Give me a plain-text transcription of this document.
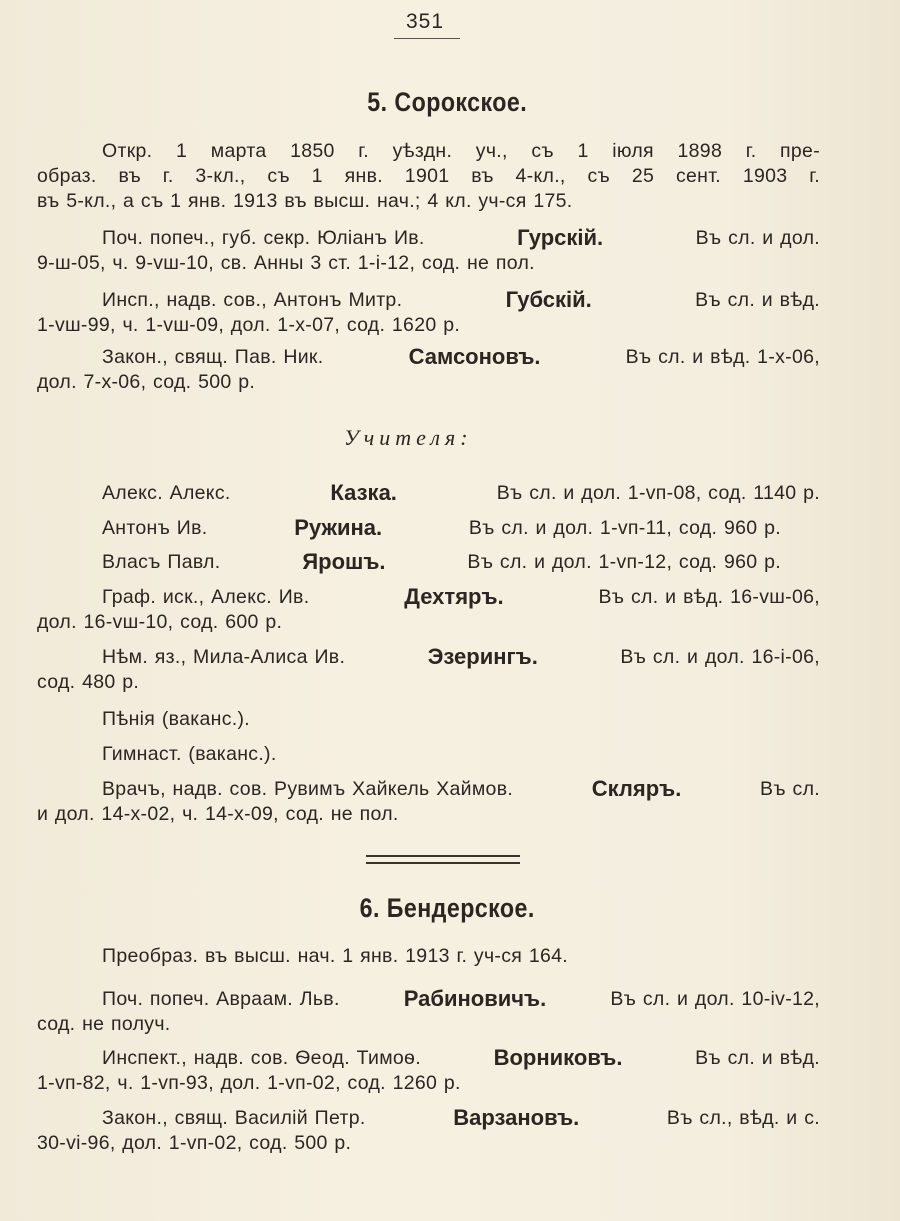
351
5. Сорокское.
Откр. 1 марта 1850 г. уѣздн. уч., съ 1 іюля 1898 г. пре-
образ. въ г. 3-кл., съ 1 янв. 1901 въ 4-кл., съ 25 сент. 1903 г.
въ 5-кл., а съ 1 янв. 1913 въ высш. нач.; 4 кл. уч-ся 175.
Поч. попеч., губ. секр. Юліанъ Ив.	Гурскій.	Въ сл. и дол.
9-ш-05, ч. 9-vш-10, св. Анны 3 ст. 1-і-12, сод. не пол.
Инсп., надв. сов., Антонъ Митр.	Губскій.	Въ сл. и вѣд.
1-vш-99, ч. 1-vш-09, дол. 1-х-07, сод. 1620 р.
Закон., свящ. Пав. Ник.	Самсоновъ.	Въ сл. и вѣд. 1-х-06,
дол. 7-х-06, сод. 500 р.
Учителя:
Алекс. Алекс.	Казка.	Въ сл. и дол. 1-vп-08, сод. 1140 р.
Антонъ Ив.	Ружина.	Въ сл. и дол. 1-vп-11, сод. 960 р.
Власъ Павл.	Ярошъ.	Въ сл. и дол. 1-vп-12, сод. 960 р.
Граф. иск., Алекс. Ив.	Дехтяръ.	Въ сл. и вѣд. 16-vш-06,
дол. 16-vш-10, сод. 600 р.
Нѣм. яз., Мила-Алиса Ив.	Эзерингъ.	Въ сл. и дол. 16-і-06,
сод. 480 р.
Пѣнія (ваканс.).
Гимнаст. (ваканс.).
Врачъ, надв. сов. Рувимъ Хайкель Хаймов.	Скляръ.	Въ сл.
и дол. 14-х-02, ч. 14-х-09, сод. не пол.
6. Бендерское.
Преобраз. въ высш. нач. 1 янв. 1913 г. уч-ся 164.
Поч. попеч. Авраам. Льв.	Рабиновичъ.	Въ сл. и дол. 10-іv-12,
сод. не получ.
Инспект., надв. сов. Ѳеод. Тимоѳ.	Ворниковъ.	Въ сл. и вѣд.
1-vп-82, ч. 1-vп-93, дол. 1-vп-02, сод. 1260 р.
Закон., свящ. Василій Петр.	Варзановъ.	Въ сл., вѣд. и с.
30-vі-96, дол. 1-vп-02, сод. 500 р.
